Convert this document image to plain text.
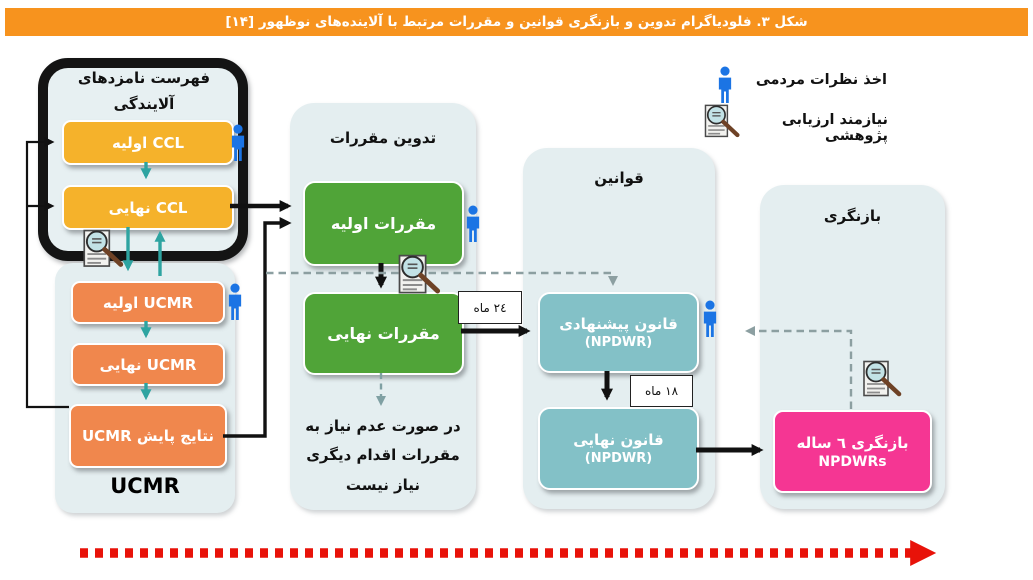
شکل ۳. فلودیاگرام تدوین و بازنگری قوانین و مقررات مرتبط با آلاینده‌های نوظهور [۱۴]
فهرست نامزدهای آلایندگی
تدوین مقررات
قوانین
بازنگری
UCMR
CCL اولیه
CCL نهایی
UCMR اولیه
UCMR نهایی
نتایج پایش UCMR
مقررات اولیه
مقررات نهایی	قانون پیشنهادی
(NPDWR)
قانون نهایی
(NPDWR)
بازنگری ٦ ساله
NPDWRs
٢٤ ماه
١٨ ماه
در صورت عدم نیاز به مقررات اقدام دیگری نیاز نیست
اخذ نظرات مردمی
نیازمند ارزیابی پژوهشی
